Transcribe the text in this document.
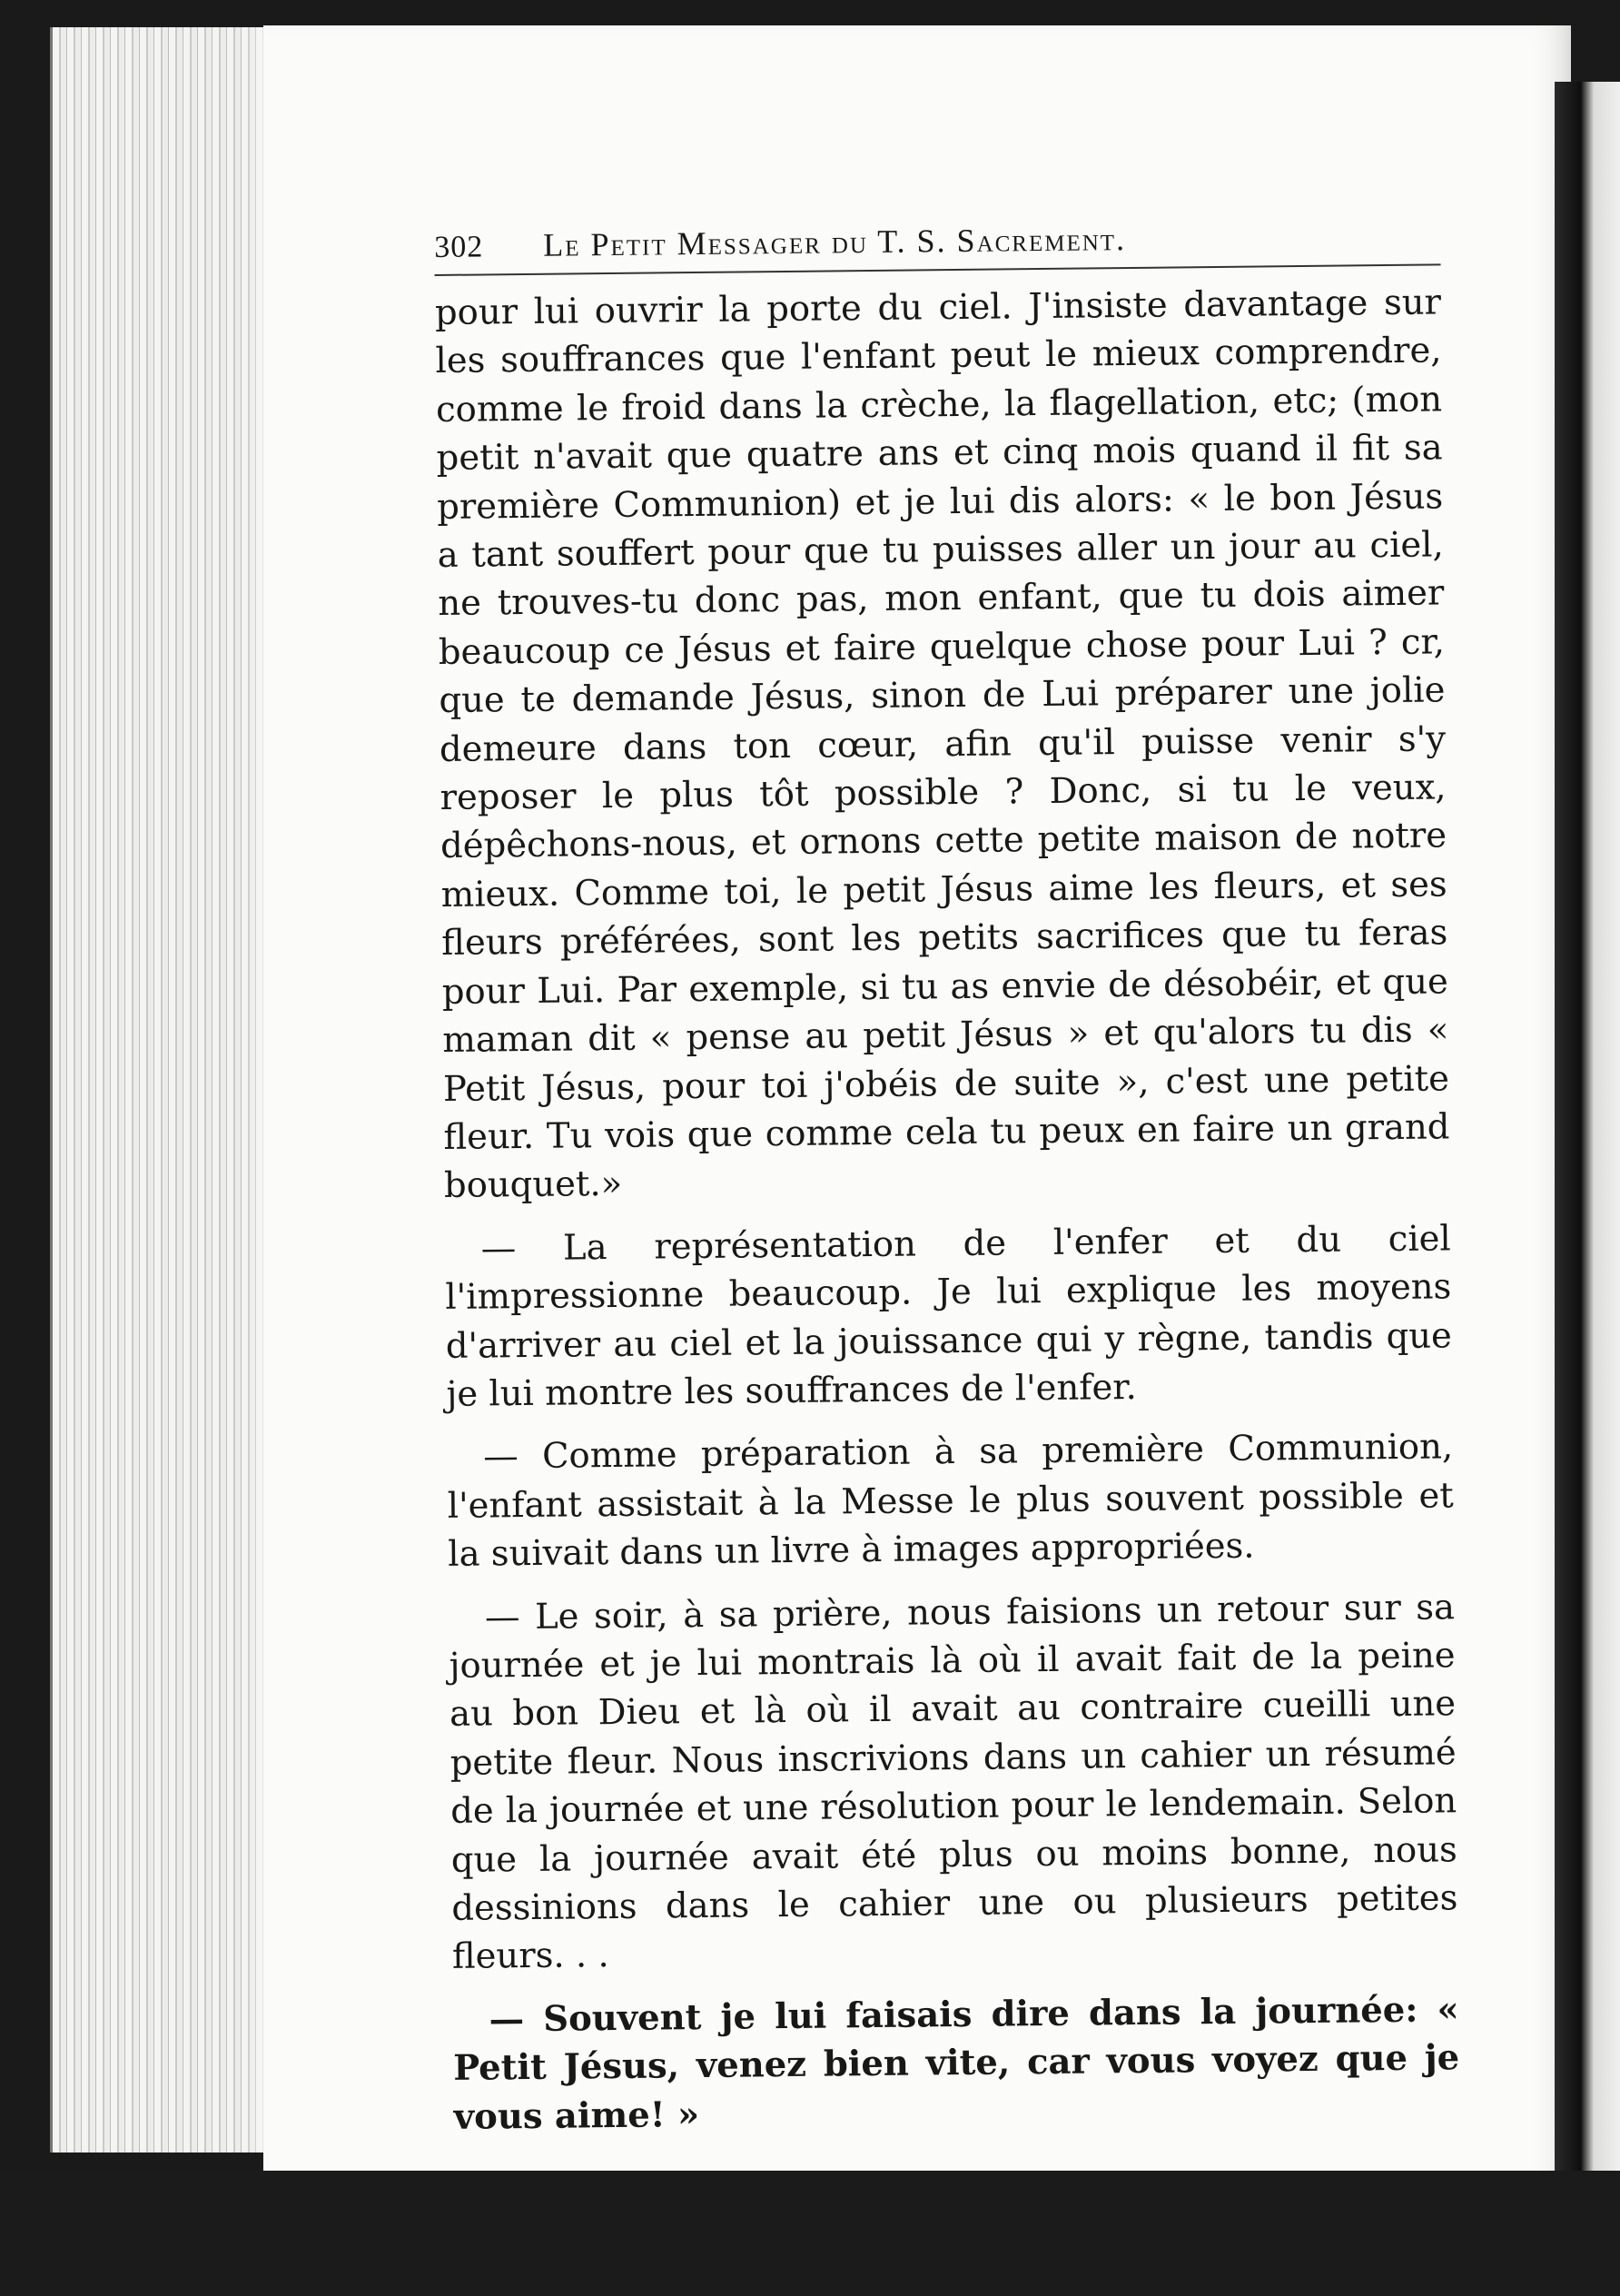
302	Le Petit Messager du T. S. Sacrement.

pour lui ouvrir la porte du ciel. J'insiste davantage sur les souffrances que l'enfant peut le mieux comprendre, comme le froid dans la crèche, la flagellation, etc; (mon petit n'avait que quatre ans et cinq mois quand il fit sa première Communion) et je lui dis alors: « le bon Jésus a tant souffert pour que tu puisses aller un jour au ciel, ne trouves-tu donc pas, mon enfant, que tu dois aimer beaucoup ce Jésus et faire quelque chose pour Lui ? cr, que te demande Jésus, sinon de Lui préparer une jolie demeure dans ton cœur, afin qu'il puisse venir s'y reposer le plus tôt possible ? Donc, si tu le veux, dépêchons-nous, et ornons cette petite maison de notre mieux. Comme toi, le petit Jésus aime les fleurs, et ses fleurs préférées, sont les petits sacrifices que tu feras pour Lui. Par exemple, si tu as envie de désobéir, et que maman dit « pense au petit Jésus » et qu'alors tu dis « Petit Jésus, pour toi j'obéis de suite », c'est une petite fleur. Tu vois que comme cela tu peux en faire un grand bouquet.»

— La représentation de l'enfer et du ciel l'impressionne beaucoup. Je lui explique les moyens d'arriver au ciel et la jouissance qui y règne, tandis que je lui montre les souffrances de l'enfer.

— Comme préparation à sa première Communion, l'enfant assistait à la Messe le plus souvent possible et la suivait dans un livre à images appropriées.

— Le soir, à sa prière, nous faisions un retour sur sa journée et je lui montrais là où il avait fait de la peine au bon Dieu et là où il avait au contraire cueilli une petite fleur. Nous inscrivions dans un cahier un résumé de la journée et une résolution pour le lendemain. Selon que la journée avait été plus ou moins bonne, nous dessinions dans le cahier une ou plusieurs petites fleurs. . .

— Souvent je lui faisais dire dans la journée: « Petit Jésus, venez bien vite, car vous voyez que je vous aime! »
